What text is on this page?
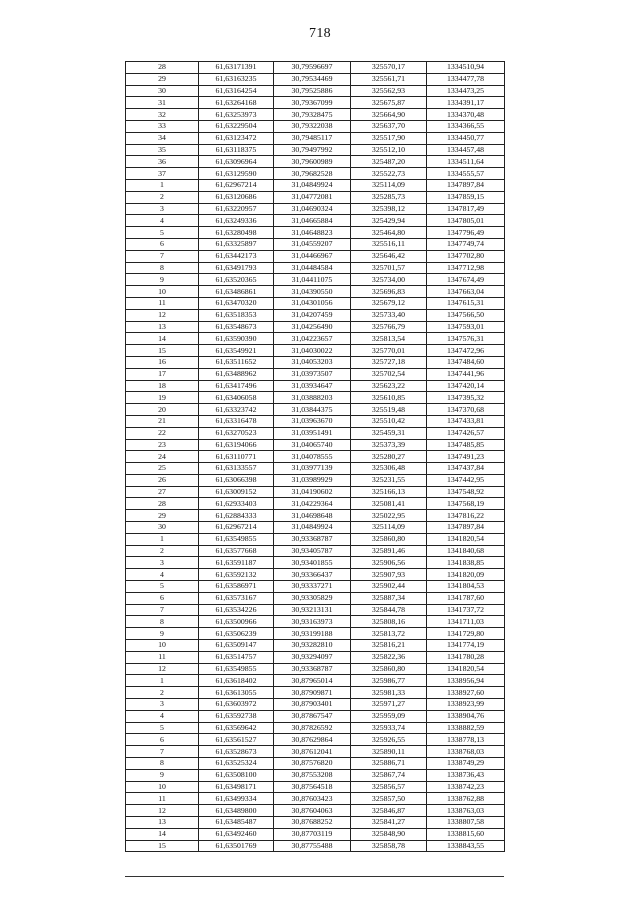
718
28	61,63171391	30,79596697	325570,17	1334510,94
29	61,63163235	30,79534469	325561,71	1334477,78
30	61,63164254	30,79525886	325562,93	1334473,25
31	61,63264168	30,79367099	325675,87	1334391,17
32	61,63253973	30,79328475	325664,90	1334370,48
33	61,63229504	30,79322038	325637,70	1334366,55
34	61,63123472	30,79485117	325517,90	1334450,77
35	61,63118375	30,79497992	325512,10	1334457,48
36	61,63096964	30,79600989	325487,20	1334511,64
37	61,63129590	30,79682528	325522,73	1334555,57
1	61,62967214	31,04849924	325114,09	1347897,84
2	61,63120686	31,04772081	325285,73	1347859,15
3	61,63220957	31,04690324	325398,12	1347817,49
4	61,63249336	31,04665884	325429,94	1347805,01
5	61,63280498	31,04648823	325464,80	1347796,49
6	61,63325897	31,04559207	325516,11	1347749,74
7	61,63442173	31,04466967	325646,42	1347702,80
8	61,63491793	31,04484584	325701,57	1347712,98
9	61,63520365	31,04411075	325734,00	1347674,49
10	61,63486861	31,04390550	325696,83	1347663,04
11	61,63470320	31,04301056	325679,12	1347615,31
12	61,63518353	31,04207459	325733,40	1347566,50
13	61,63548673	31,04256490	325766,79	1347593,01
14	61,63590390	31,04223657	325813,54	1347576,31
15	61,63549921	31,04030022	325770,01	1347472,96
16	61,63511652	31,04053203	325727,18	1347484,60
17	61,63488962	31,03973507	325702,54	1347441,96
18	61,63417496	31,03934647	325623,22	1347420,14
19	61,63406058	31,03888203	325610,85	1347395,32
20	61,63323742	31,03844375	325519,48	1347370,68
21	61,63316478	31,03963670	325510,42	1347433,81
22	61,63270523	31,03951491	325459,31	1347426,57
23	61,63194066	31,04065740	325373,39	1347485,85
24	61,63110771	31,04078555	325280,27	1347491,23
25	61,63133557	31,03977139	325306,48	1347437,84
26	61,63066398	31,03989929	325231,55	1347442,95
27	61,63009152	31,04190602	325166,13	1347548,92
28	61,62933403	31,04229364	325081,41	1347568,19
29	61,62884333	31,04698648	325022,95	1347816,22
30	61,62967214	31,04849924	325114,09	1347897,84
1	61,63549855	30,93368787	325860,80	1341820,54
2	61,63577668	30,93405787	325891,46	1341840,68
3	61,63591187	30,93401855	325906,56	1341838,85
4	61,63592132	30,93366437	325907,93	1341820,09
5	61,63586971	30,93337271	325902,44	1341804,53
6	61,63573167	30,93305829	325887,34	1341787,60
7	61,63534226	30,93213131	325844,78	1341737,72
8	61,63500966	30,93163973	325808,16	1341711,03
9	61,63506239	30,93199188	325813,72	1341729,80
10	61,63509147	30,93282810	325816,21	1341774,19
11	61,63514757	30,93294097	325822,36	1341780,28
12	61,63549855	30,93368787	325860,80	1341820,54
1	61,63618402	30,87965014	325986,77	1338956,94
2	61,63613055	30,87909871	325981,33	1338927,60
3	61,63603972	30,87903401	325971,27	1338923,99
4	61,63592738	30,87867547	325959,09	1338904,76
5	61,63569642	30,87826592	325933,74	1338882,59
6	61,63561527	30,87629864	325926,55	1338778,13
7	61,63528673	30,87612041	325890,11	1338768,03
8	61,63525324	30,87576820	325886,71	1338749,29
9	61,63508100	30,87553208	325867,74	1338736,43
10	61,63498171	30,87564518	325856,57	1338742,23
11	61,63499334	30,87603423	325857,50	1338762,88
12	61,63489800	30,87604063	325846,87	1338763,03
13	61,63485487	30,87688252	325841,27	1338807,58
14	61,63492460	30,87703119	325848,90	1338815,60
15	61,63501769	30,87755488	325858,78	1338843,55
